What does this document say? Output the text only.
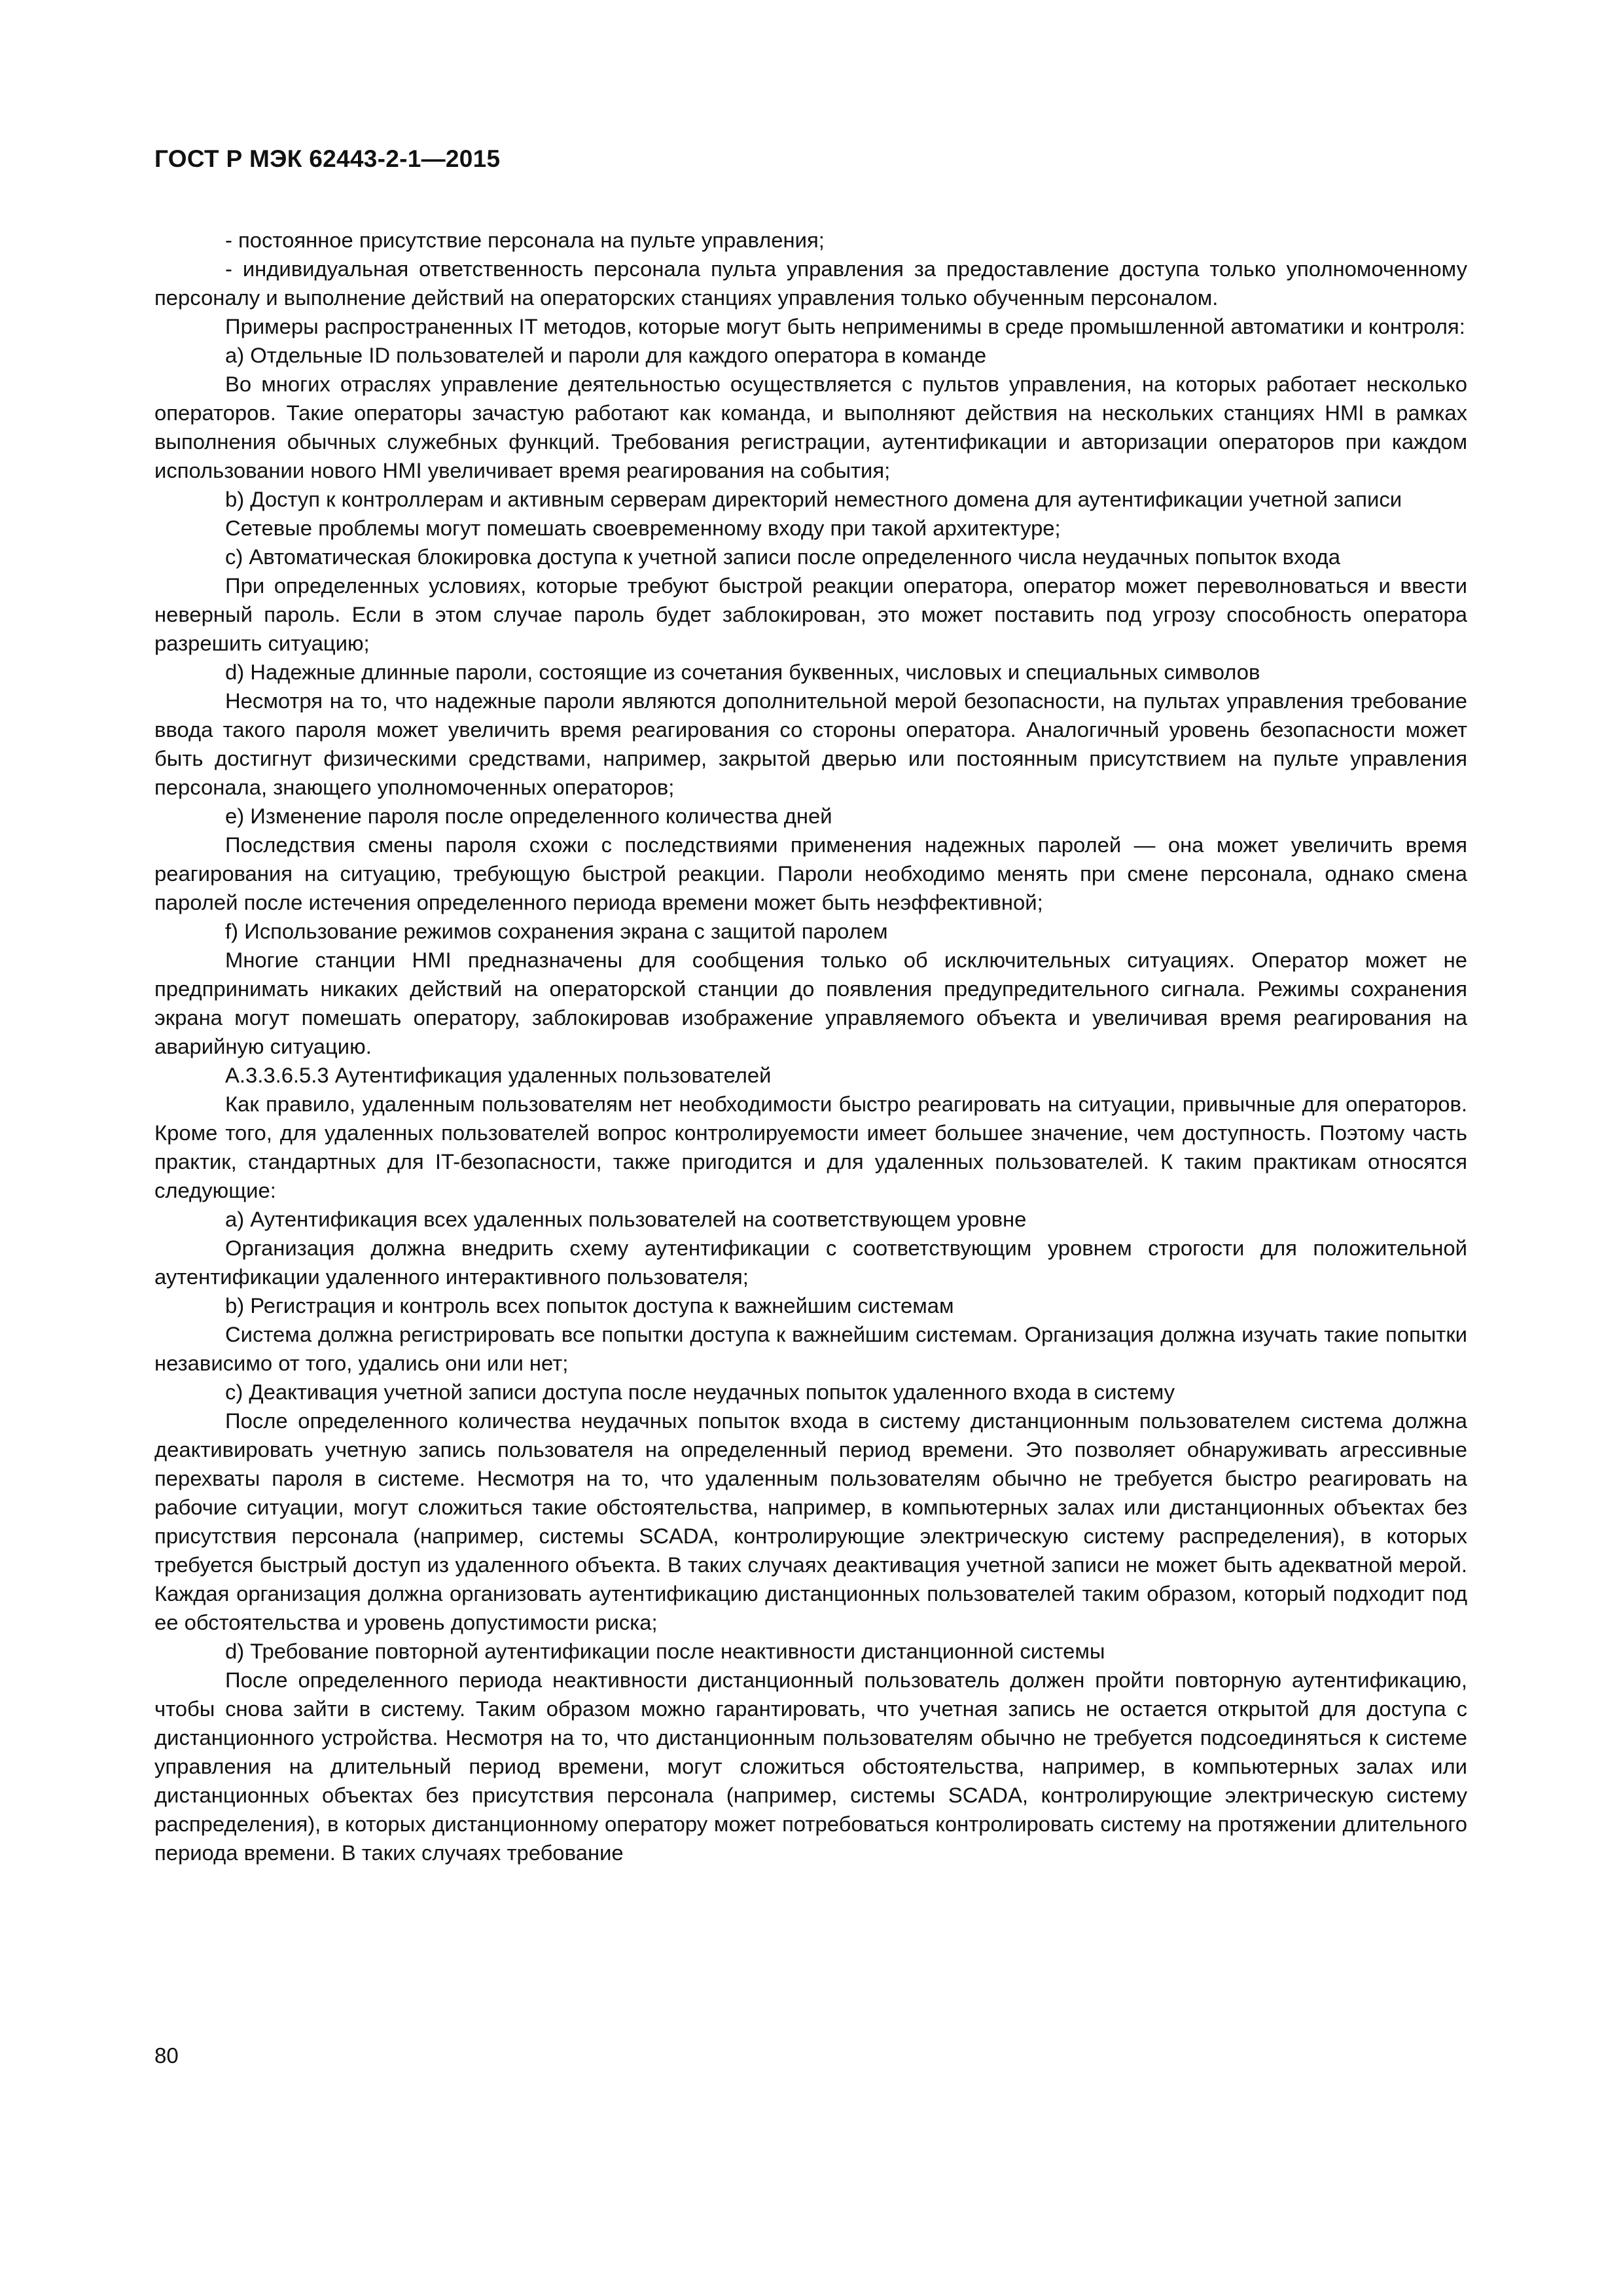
ГОСТ Р МЭК 62443-2-1—2015

- постоянное присутствие персонала на пульте управления;

- индивидуальная ответственность персонала пульта управления за предоставление доступа только уполномоченному персоналу и выполнение действий на операторских станциях управления только обученным персоналом.

Примеры распространенных IT методов, которые могут быть неприменимы в среде промышленной автоматики и контроля:

а) Отдельные ID пользователей и пароли для каждого оператора в команде

Во многих отраслях управление деятельностью осуществляется с пультов управления, на которых работает несколько операторов. Такие операторы зачастую работают как команда, и выполняют действия на нескольких станциях HMI в рамках выполнения обычных служебных функций. Требования регистрации, аутентификации и авторизации операторов при каждом использовании нового HMI увеличивает время реагирования на события;

b) Доступ к контроллерам и активным серверам директорий неместного домена для аутентификации учетной записи

Сетевые проблемы могут помешать своевременному входу при такой архитектуре;

с) Автоматическая блокировка доступа к учетной записи после определенного числа неудачных попыток входа

При определенных условиях, которые требуют быстрой реакции оператора, оператор может переволноваться и ввести неверный пароль. Если в этом случае пароль будет заблокирован, это может поставить под угрозу способность оператора разрешить ситуацию;

d) Надежные длинные пароли, состоящие из сочетания буквенных, числовых и специальных символов

Несмотря на то, что надежные пароли являются дополнительной мерой безопасности, на пультах управления требование ввода такого пароля может увеличить время реагирования со стороны оператора. Аналогичный уровень безопасности может быть достигнут физическими средствами, например, закрытой дверью или постоянным присутствием на пульте управления персонала, знающего уполномоченных операторов;

е) Изменение пароля после определенного количества дней

Последствия смены пароля схожи с последствиями применения надежных паролей — она может увеличить время реагирования на ситуацию, требующую быстрой реакции. Пароли необходимо менять при смене персонала, однако смена паролей после истечения определенного периода времени может быть неэффективной;

f) Использование режимов сохранения экрана с защитой паролем

Многие станции HMI предназначены для сообщения только об исключительных ситуациях. Оператор может не предпринимать никаких действий на операторской станции до появления предупредительного сигнала. Режимы сохранения экрана могут помешать оператору, заблокировав изображение управляемого объекта и увеличивая время реагирования на аварийную ситуацию.

А.3.3.6.5.3 Аутентификация удаленных пользователей

Как правило, удаленным пользователям нет необходимости быстро реагировать на ситуации, привычные для операторов. Кроме того, для удаленных пользователей вопрос контролируемости имеет большее значение, чем доступность. Поэтому часть практик, стандартных для IT-безопасности, также пригодится и для удаленных пользователей. К таким практикам относятся следующие:

а) Аутентификация всех удаленных пользователей на соответствующем уровне

Организация должна внедрить схему аутентификации с соответствующим уровнем строгости для положительной аутентификации удаленного интерактивного пользователя;

b) Регистрация и контроль всех попыток доступа к важнейшим системам

Система должна регистрировать все попытки доступа к важнейшим системам. Организация должна изучать такие попытки независимо от того, удались они или нет;

с) Деактивация учетной записи доступа после неудачных попыток удаленного входа в систему

После определенного количества неудачных попыток входа в систему дистанционным пользователем система должна деактивировать учетную запись пользователя на определенный период времени. Это позволяет обнаруживать агрессивные перехваты пароля в системе. Несмотря на то, что удаленным пользователям обычно не требуется быстро реагировать на рабочие ситуации, могут сложиться такие обстоятельства, например, в компьютерных залах или дистанционных объектах без присутствия персонала (например, системы SCADA, контролирующие электрическую систему распределения), в которых требуется быстрый доступ из удаленного объекта. В таких случаях деактивация учетной записи не может быть адекватной мерой. Каждая организация должна организовать аутентификацию дистанционных пользователей таким образом, который подходит под ее обстоятельства и уровень допустимости риска;

d) Требование повторной аутентификации после неактивности дистанционной системы

После определенного периода неактивности дистанционный пользователь должен пройти повторную аутентификацию, чтобы снова зайти в систему. Таким образом можно гарантировать, что учетная запись не остается открытой для доступа с дистанционного устройства. Несмотря на то, что дистанционным пользователям обычно не требуется подсоединяться к системе управления на длительный период времени, могут сложиться обстоятельства, например, в компьютерных залах или дистанционных объектах без присутствия персонала (например, системы SCADA, контролирующие электрическую систему распределения), в которых дистанционному оператору может потребоваться контролировать систему на протяжении длительного периода времени. В таких случаях требование

80
